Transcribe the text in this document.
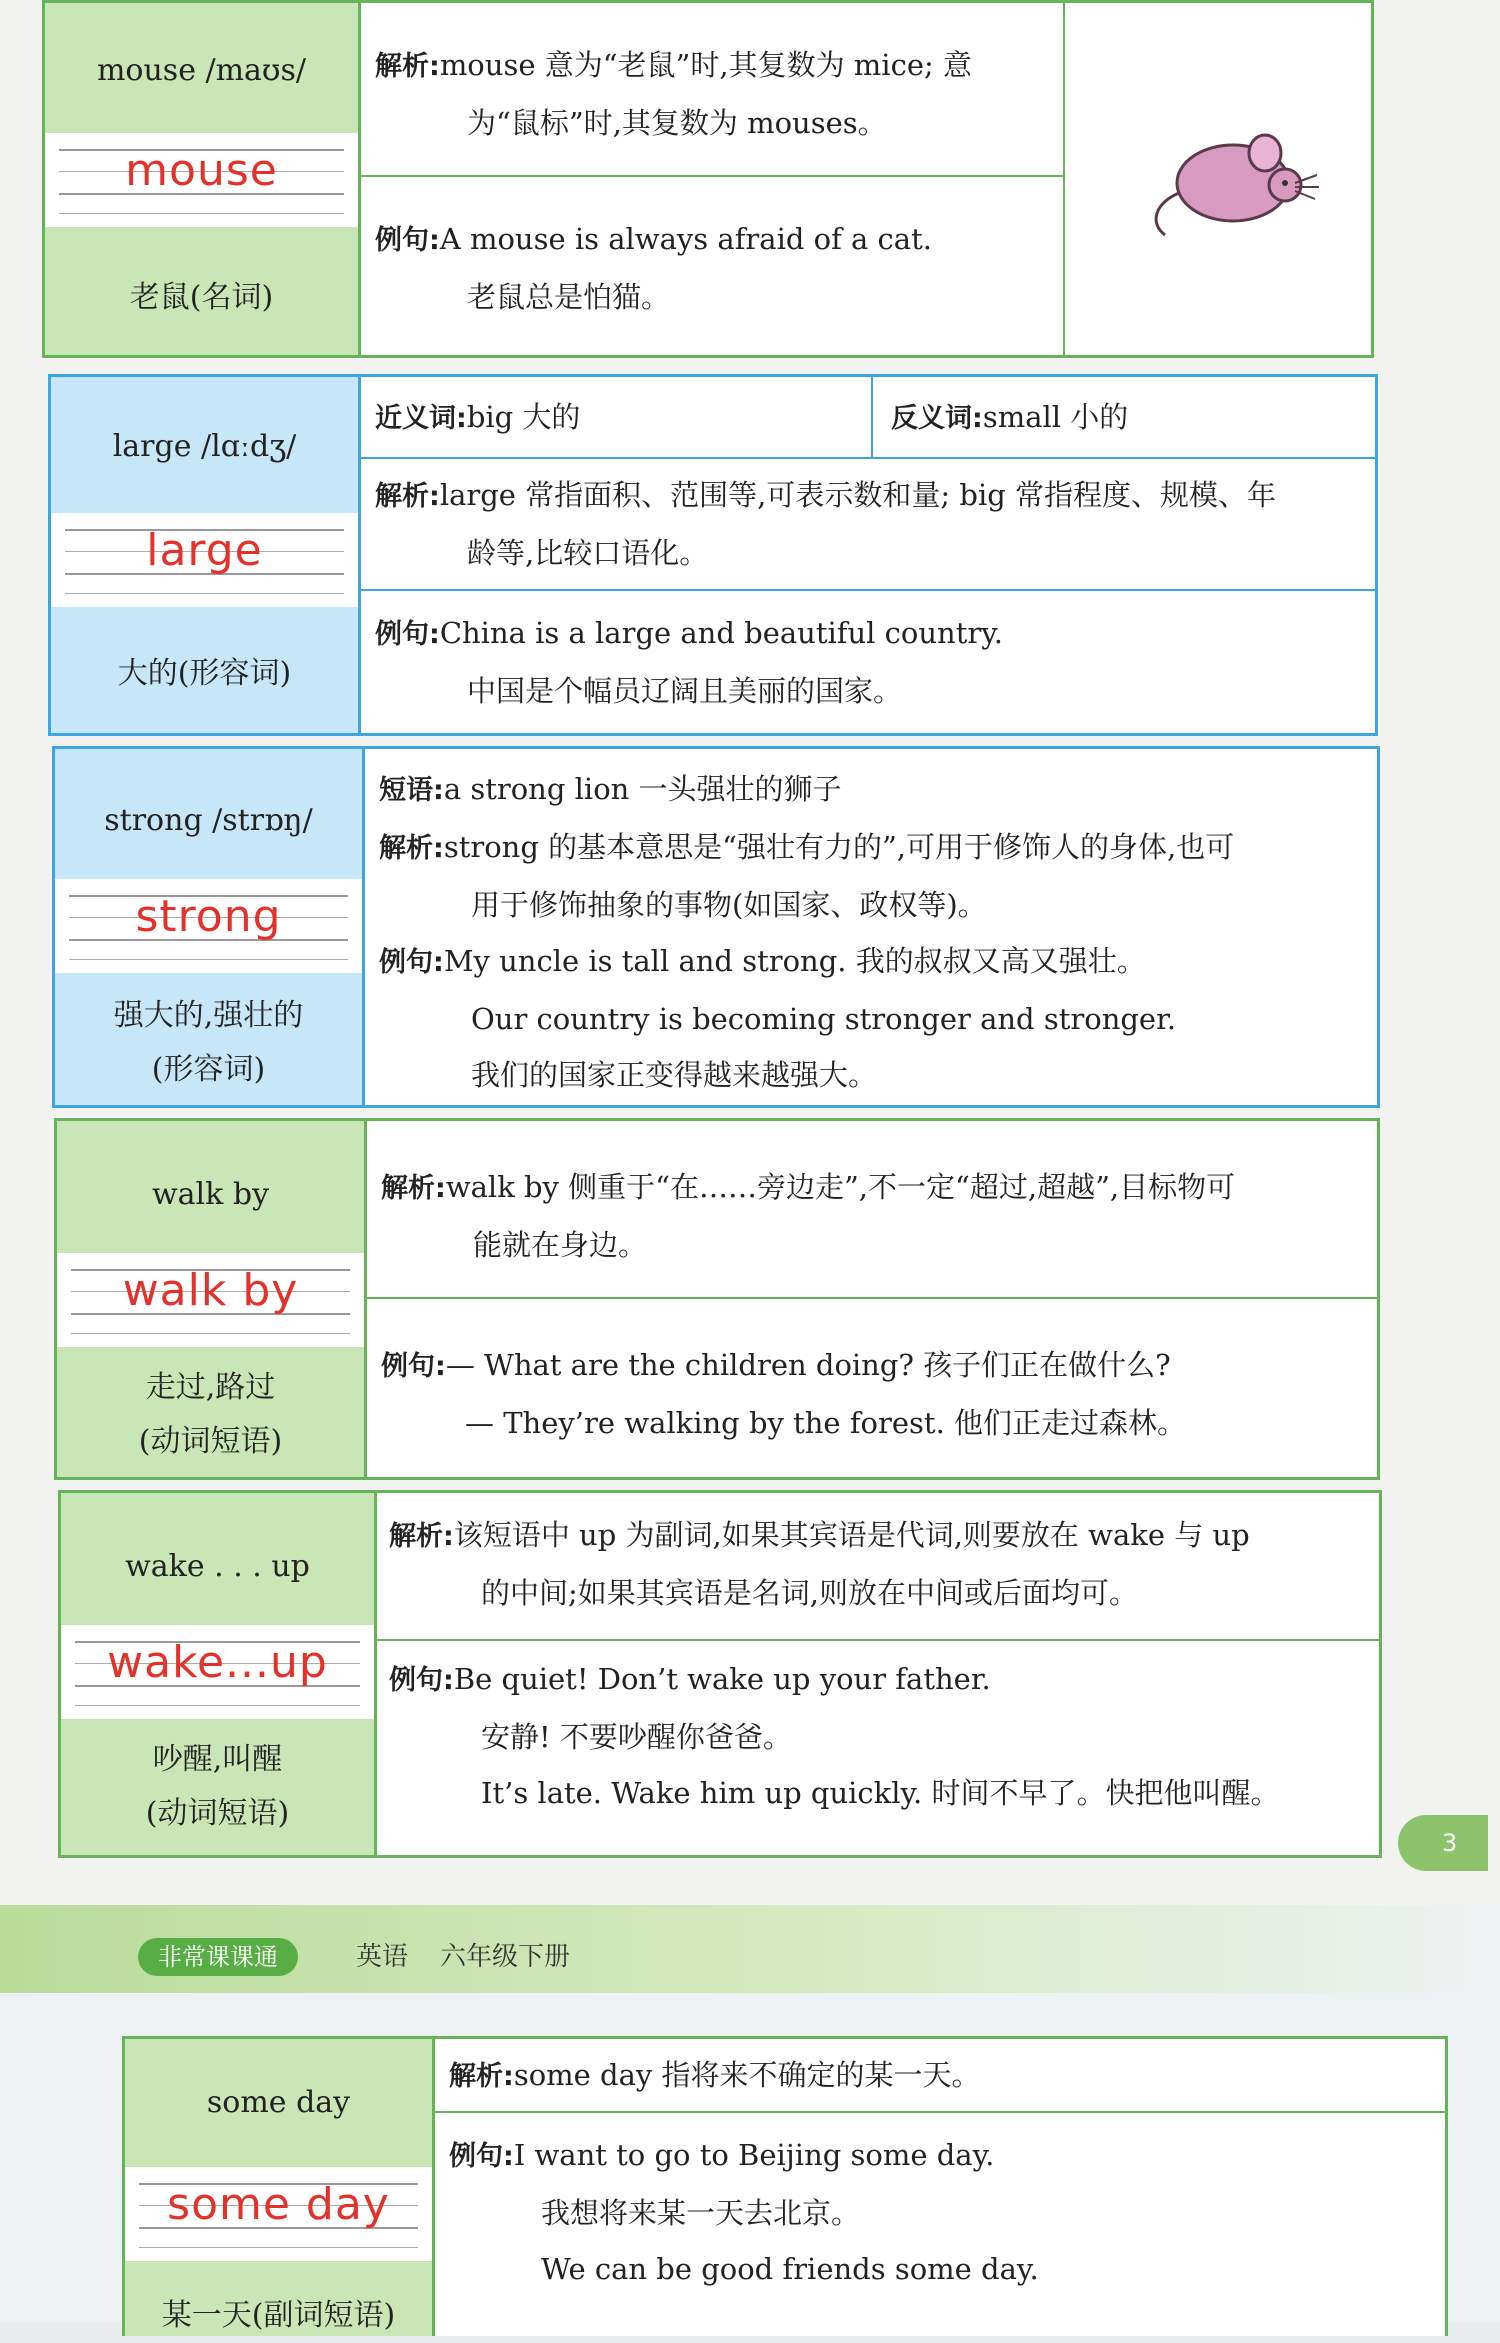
mouse /maʊs/
mouse
老鼠(名词)
解析:mouse 意为“老鼠”时,其复数为 mice; 意
为“鼠标”时,其复数为 mouses。
例句:A mouse is always afraid of a cat.
老鼠总是怕猫。
large /lɑːdʒ/
large
大的(形容词)
近义词:big 大的	反义词:small 小的
解析:large 常指面积、范围等,可表示数和量; big 常指程度、规模、年
龄等,比较口语化。
例句:China is a large and beautiful country.
中国是个幅员辽阔且美丽的国家。
strong /strɒŋ/
strong
强大的,强壮的
(形容词)
短语:a strong lion 一头强壮的狮子
解析:strong 的基本意思是“强壮有力的”,可用于修饰人的身体,也可
用于修饰抽象的事物(如国家、政权等)。
例句:My uncle is tall and strong. 我的叔叔又高又强壮。
Our country is becoming stronger and stronger.
我们的国家正变得越来越强大。
walk by
walk by
走过,路过
(动词短语)
解析:walk by 侧重于“在……旁边走”,不一定“超过,超越”,目标物可
能就在身边。
例句:— What are the children doing? 孩子们正在做什么?
— They’re walking by the forest. 他们正走过森林。
wake . . . up
wake...up
吵醒,叫醒
(动词短语)
解析:该短语中 up 为副词,如果其宾语是代词,则要放在 wake 与 up
的中间;如果其宾语是名词,则放在中间或后面均可。
例句:Be quiet! Don’t wake up your father.
安静! 不要吵醒你爸爸。
It’s late. Wake him up quickly. 时间不早了。快把他叫醒。
3
非常课课通	英语 六年级下册
some day
some day
某一天(副词短语)
解析:some day 指将来不确定的某一天。
例句:I want to go to Beijing some day.
我想将来某一天去北京。
We can be good friends some day.
